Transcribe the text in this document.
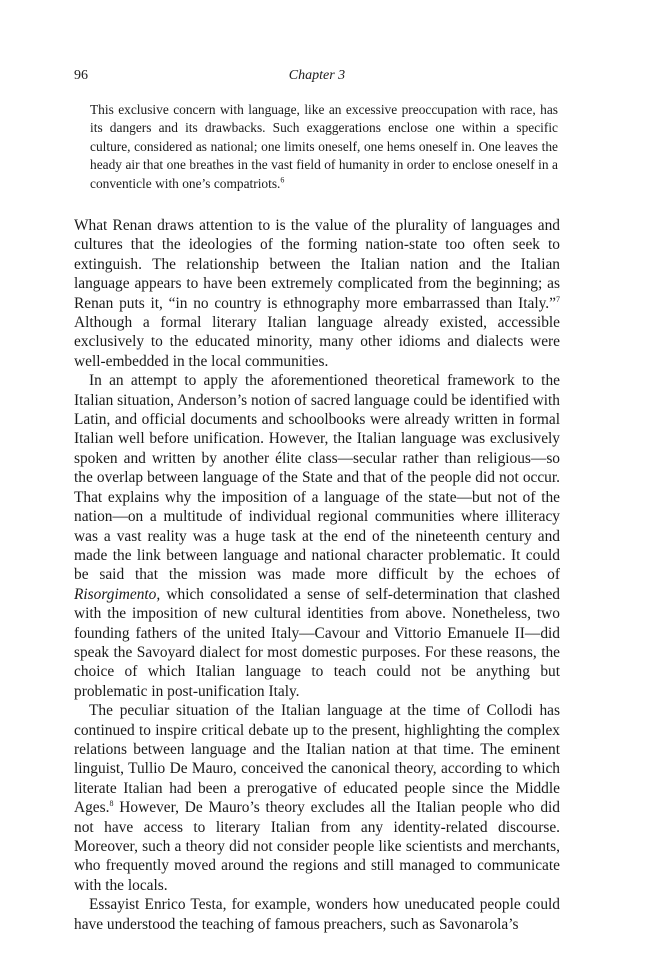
96	Chapter 3
This exclusive concern with language, like an excessive preoccupation with race, has its dangers and its drawbacks. Such exaggerations enclose one within a specific culture, considered as national; one limits oneself, one hems oneself in. One leaves the heady air that one breathes in the vast field of humanity in order to enclose oneself in a conventicle with one’s compatriots.$^6$

What Renan draws attention to is the value of the plurality of languages and cultures that the ideologies of the forming nation-state too often seek to extinguish. The relationship between the Italian nation and the Italian language appears to have been extremely complicated from the beginning; as Renan puts it, “in no country is ethnography more embarrassed than Italy.”$^7$ Although a formal literary Italian language already existed, accessible exclusively to the educated minority, many other idioms and dialects were well-embedded in the local communities.

In an attempt to apply the aforementioned theoretical framework to the Italian situation, Anderson’s notion of sacred language could be identified with Latin, and official documents and schoolbooks were already written in formal Italian well before unification. However, the Italian language was exclusively spoken and written by another élite class—secular rather than religious—so the overlap between language of the State and that of the people did not occur. That explains why the imposition of a language of the state—but not of the nation—on a multitude of individual regional communities where illiteracy was a vast reality was a huge task at the end of the nineteenth century and made the link between language and national character problematic. It could be said that the mission was made more difficult by the echoes of Risorgimento, which consolidated a sense of self-determination that clashed with the imposition of new cultural identities from above. Nonetheless, two founding fathers of the united Italy—Cavour and Vittorio Emanuele II—did speak the Savoyard dialect for most domestic purposes. For these reasons, the choice of which Italian language to teach could not be anything but problematic in post-unification Italy.

The peculiar situation of the Italian language at the time of Collodi has continued to inspire critical debate up to the present, highlighting the complex relations between language and the Italian nation at that time. The eminent linguist, Tullio De Mauro, conceived the canonical theory, according to which literate Italian had been a prerogative of educated people since the Middle Ages.$^8$ However, De Mauro’s theory excludes all the Italian people who did not have access to literary Italian from any identity-related discourse. Moreover, such a theory did not consider people like scientists and merchants, who frequently moved around the regions and still managed to communicate with the locals.

Essayist Enrico Testa, for example, wonders how uneducated people could have understood the teaching of famous preachers, such as Savonarola’s
